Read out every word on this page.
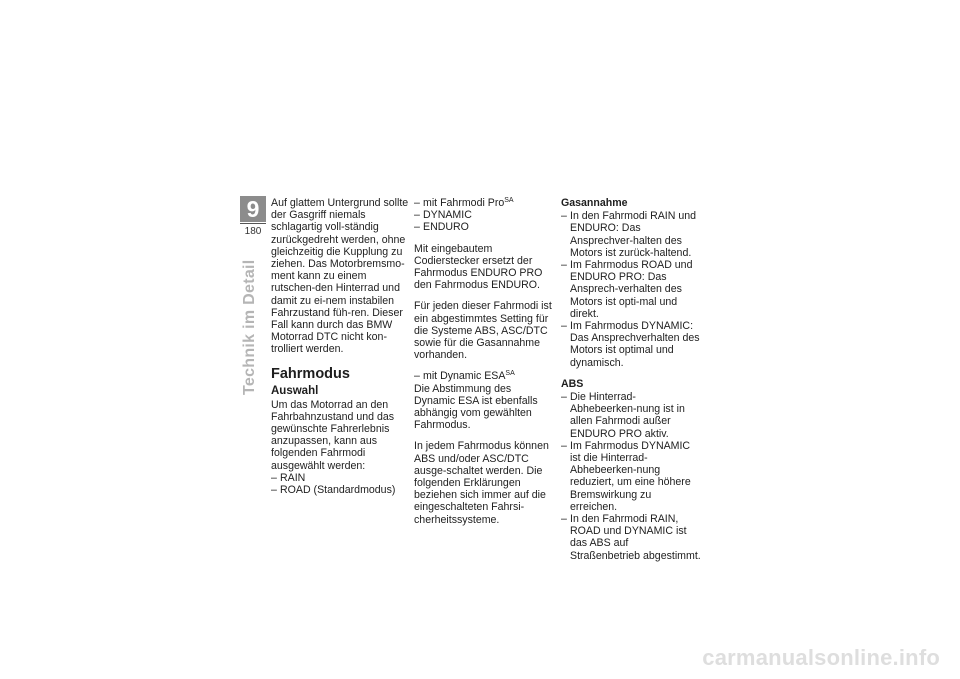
9
180
Technik im Detail

Auf glattem Untergrund sollte der Gasgriff niemals schlagartig voll-ständig zurückgedreht werden, ohne gleichzeitig die Kupplung zu ziehen. Das Motorbremsmo-ment kann zu einem rutschen-den Hinterrad und damit zu ei-nem instabilen Fahrzustand füh-ren. Dieser Fall kann durch das BMW Motorrad DTC nicht kon-trolliert werden.

Fahrmodus
Auswahl

Um das Motorrad an den Fahrbahnzustand und das gewünschte Fahrerlebnis anzupassen, kann aus folgenden Fahrmodi ausgewählt werden:

– RAIN
– ROAD (Standardmodus)
– mit Fahrmodi Pro$^{SA}$
– DYNAMIC
– ENDURO

Mit eingebautem Codierstecker ersetzt der Fahrmodus ENDURO PRO den Fahrmodus ENDURO.

Für jeden dieser Fahrmodi ist ein abgestimmtes Setting für die Systeme ABS, ASC/DTC sowie für die Gasannahme vorhanden.

– mit Dynamic $ESA^{SA}$

Die Abstimmung des Dynamic ESA ist ebenfalls abhängig vom gewählten Fahrmodus.

In jedem Fahrmodus können ABS und/oder ASC/DTC ausge-schaltet werden. Die folgenden Erklärungen beziehen sich immer auf die eingeschalteten Fahrsi-cherheitssysteme.

Gasannahme
– In den Fahrmodi RAIN und ENDURO: Das Ansprechver-halten des Motors ist zurück-haltend.
– Im Fahrmodus ROAD und ENDURO PRO: Das Ansprech-verhalten des Motors ist opti-mal und direkt.
– Im Fahrmodus DYNAMIC: Das Ansprechverhalten des Motors ist optimal und dynamisch.
ABS
– Die Hinterrad-Abhebeerken-nung ist in allen Fahrmodi außer ENDURO PRO aktiv.
– Im Fahrmodus DYNAMIC ist die Hinterrad-Abhebeerken-nung reduziert, um eine höhere Bremswirkung zu erreichen.
– In den Fahrmodi RAIN, ROAD und DYNAMIC ist das ABS auf Straßenbetrieb abgestimmt.
carmanualsonline.info
